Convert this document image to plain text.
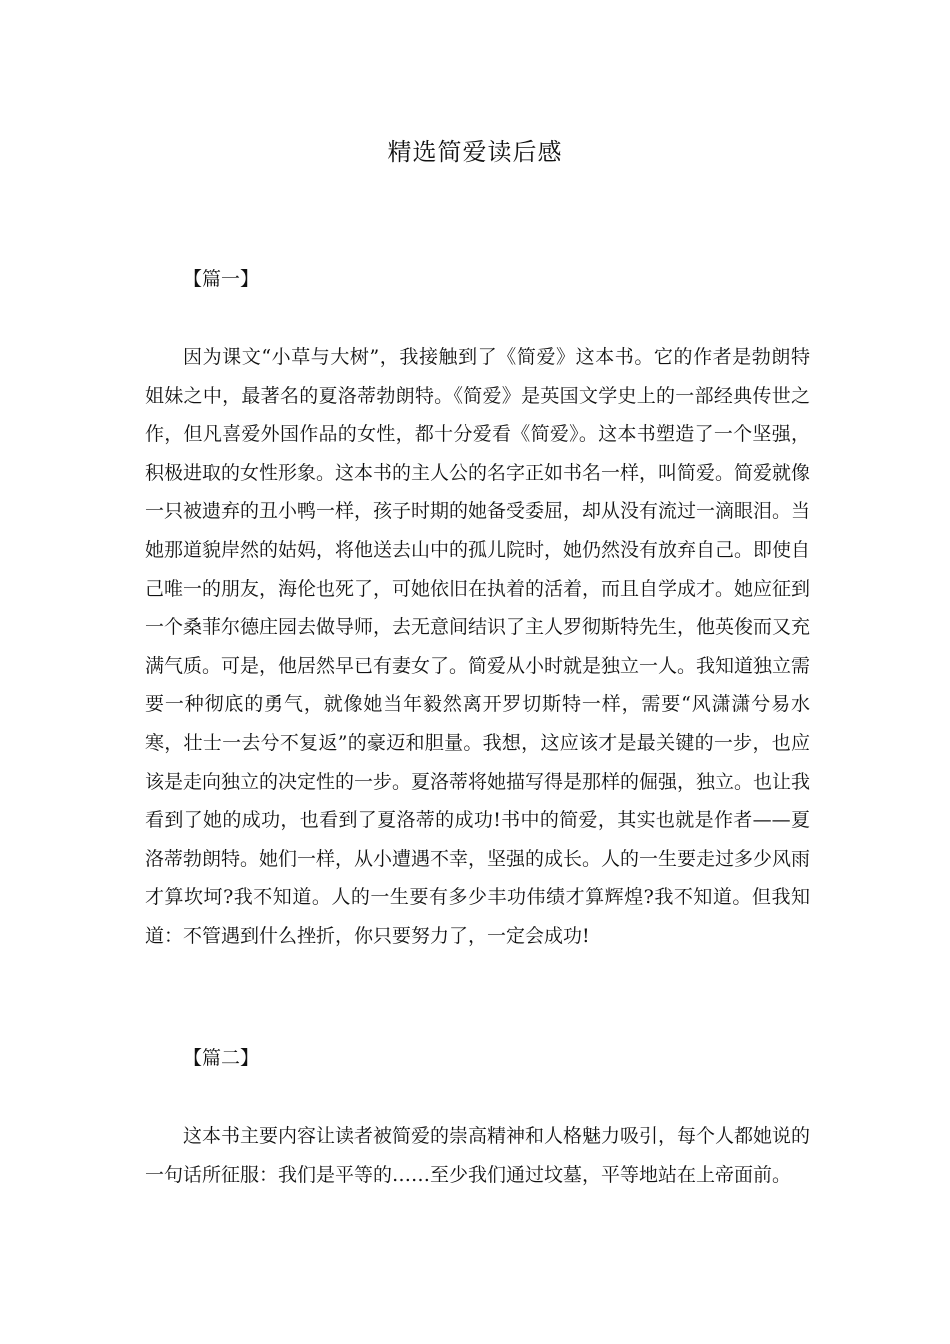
精选简爱读后感
【篇一】

因为课文“小草与大树”，我接触到了《简爱》这本书。它的作者是勃朗特姐妹之中，最著名的夏洛蒂勃朗特。《简爱》是英国文学史上的一部经典传世之作，但凡喜爱外国作品的女性，都十分爱看《简爱》。这本书塑造了一个坚强，积极进取的女性形象。这本书的主人公的名字正如书名一样，叫简爱。简爱就像一只被遗弃的丑小鸭一样，孩子时期的她备受委屈，却从没有流过一滴眼泪。当她那道貌岸然的姑妈，将他送去山中的孤儿院时，她仍然没有放弃自己。即使自己唯一的朋友，海伦也死了，可她依旧在执着的活着，而且自学成才。她应征到一个桑菲尔德庄园去做导师，去无意间结识了主人罗彻斯特先生，他英俊而又充满气质。可是，他居然早已有妻女了。简爱从小时就是独立一人。我知道独立需要一种彻底的勇气，就像她当年毅然离开罗切斯特一样，需要“风潇潇兮易水寒，壮士一去兮不复返”的豪迈和胆量。我想，这应该才是最关键的一步，也应该是走向独立的决定性的一步。夏洛蒂将她描写得是那样的倔强，独立。也让我看到了她的成功，也看到了夏洛蒂的成功!书中的简爱，其实也就是作者——夏洛蒂勃朗特。她们一样，从小遭遇不幸，坚强的成长。人的一生要走过多少风雨才算坎坷?我不知道。人的一生要有多少丰功伟绩才算辉煌?我不知道。但我知道：不管遇到什么挫折，你只要努力了，一定会成功!

【篇二】

这本书主要内容让读者被简爱的崇高精神和人格魅力吸引，每个人都她说的一句话所征服：我们是平等的……至少我们通过坟墓，平等地站在上帝面前。
